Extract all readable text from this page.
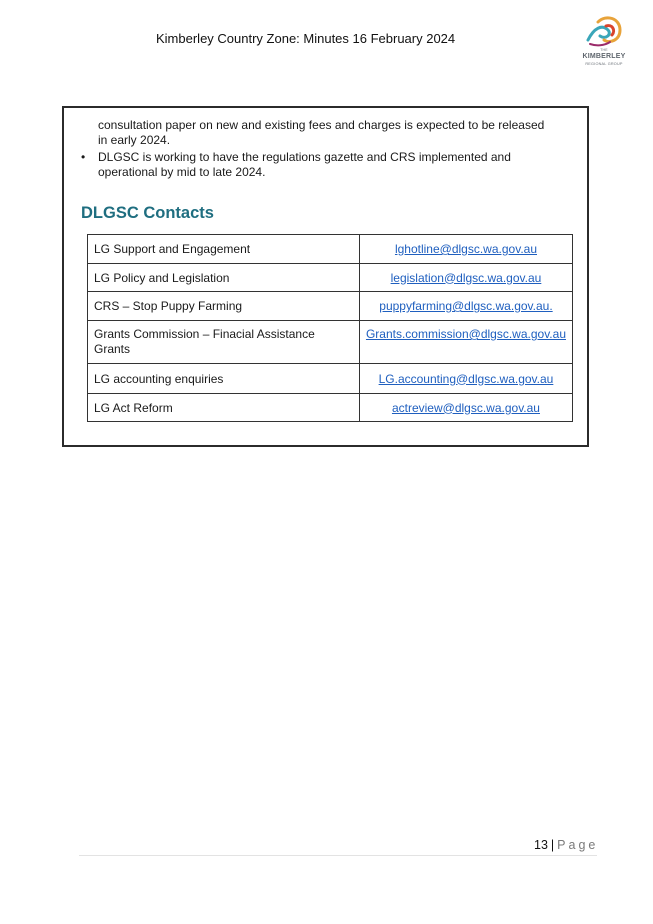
Kimberley Country Zone: Minutes 16 February 2024
THE
KIMBERLEY
REGIONAL GROUP
consultation paper on new and existing fees and charges is expected to be released
in early 2024.
• DLGSC is working to have the regulations gazette and CRS implemented and
operational by mid to late 2024.
DLGSC Contacts
LG Support and Engagement	lghotline@dlgsc.wa.gov.au
LG Policy and Legislation	legislation@dlgsc.wa.gov.au
CRS – Stop Puppy Farming	puppyfarming@dlgsc.wa.gov.au.
Grants Commission – Finacial Assistance Grants	Grants.commission@dlgsc.wa.gov.au
LG accounting enquiries	LG.accounting@dlgsc.wa.gov.au
LG Act Reform	actreview@dlgsc.wa.gov.au
13 | Page
